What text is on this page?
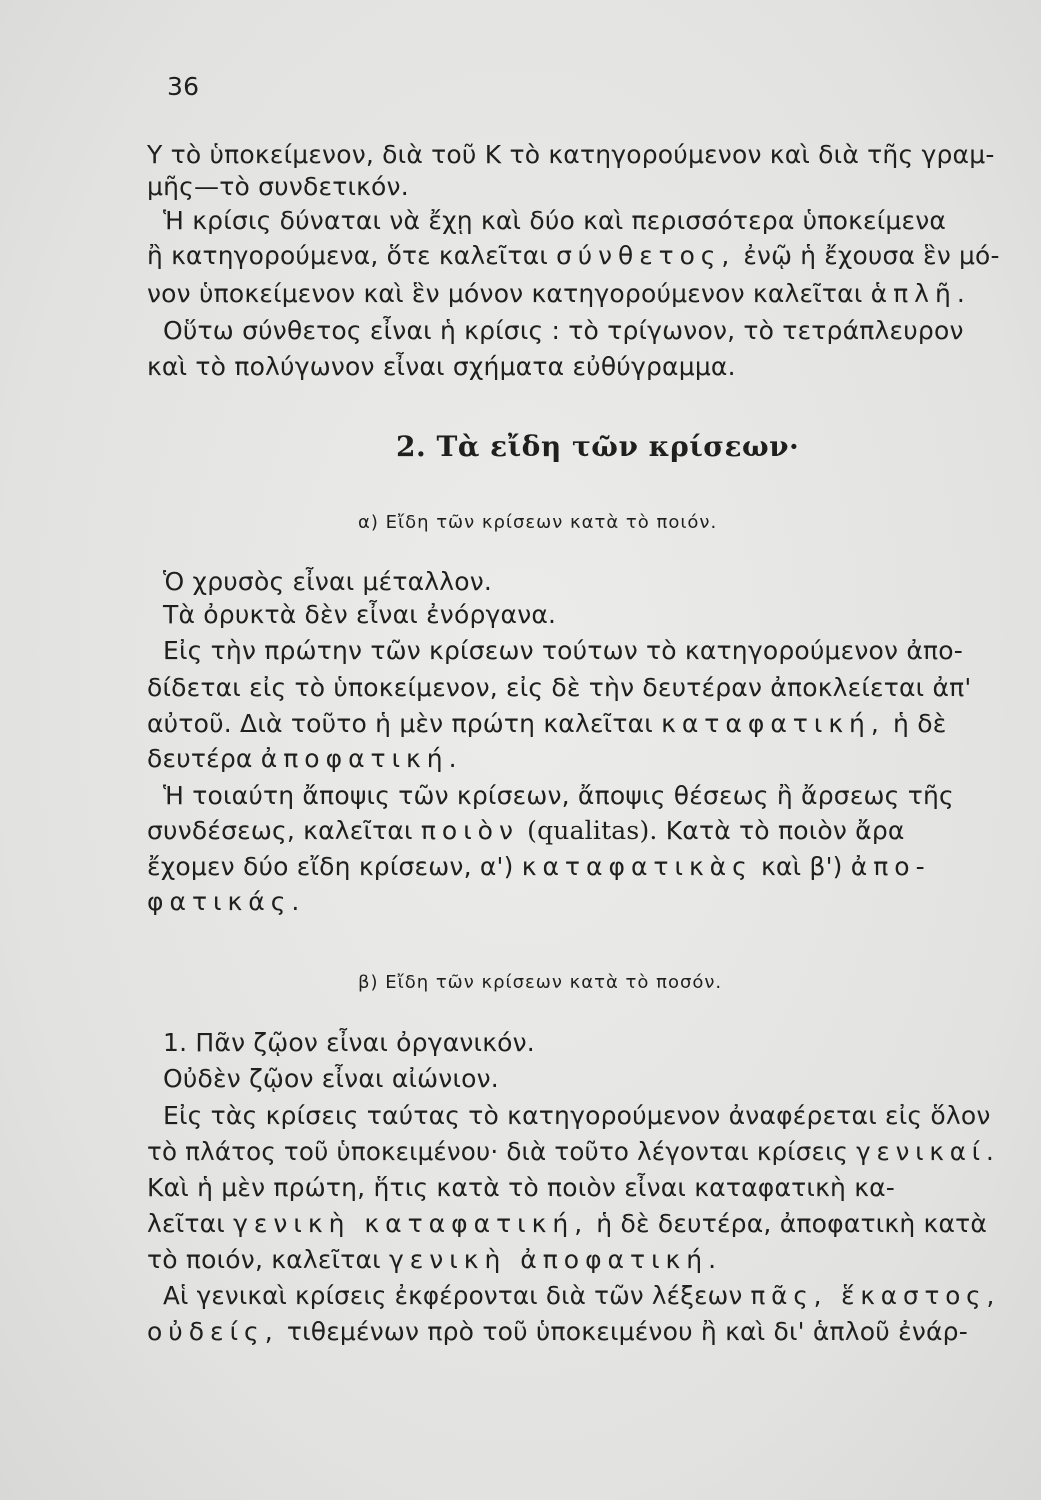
36
Υ τὸ ὑποκείμενον, διὰ τοῦ Κ τὸ κατηγορούμενον καὶ διὰ τῆς γραμ-
μῆς—τὸ συνδετικόν.
Ἡ κρίσις δύναται νὰ ἔχῃ καὶ δύο καὶ περισσότερα ὑποκείμενα
ἢ κατηγορούμενα, ὅτε καλεῖται σύνθετος, ἐνῷ ἡ ἔχουσα ἓν μό-
νον ὑποκείμενον καὶ ἓν μόνον κατηγορούμενον καλεῖται ἁπλῆ.
Οὕτω σύνθετος εἶναι ἡ κρίσις : τὸ τρίγωνον, τὸ τετράπλευρον
καὶ τὸ πολύγωνον εἶναι σχήματα εὐθύγραμμα.
2. Τὰ εἴδη τῶν κρίσεων·
α) Εἴδη τῶν κρίσεων κατὰ τὸ ποιόν.
Ὁ χρυσὸς εἶναι μέταλλον.
Τὰ ὀρυκτὰ δὲν εἶναι ἐνόργανα.
Εἰς τὴν πρώτην τῶν κρίσεων τούτων τὸ κατηγορούμενον ἀπο-
δίδεται εἰς τὸ ὑποκείμενον, εἰς δὲ τὴν δευτέραν ἀποκλείεται ἀπ'
αὐτοῦ. Διὰ τοῦτο ἡ μὲν πρώτη καλεῖται καταφατική, ἡ δὲ
δευτέρα ἀποφατική.
Ἡ τοιαύτη ἄποψις τῶν κρίσεων, ἄποψις θέσεως ἢ ἄρσεως τῆς
συνδέσεως, καλεῖται ποιὸν (qualitas). Κατὰ τὸ ποιὸν ἄρα
ἔχομεν δύο εἴδη κρίσεων, α') καταφατικὰς καὶ β') ἀπο-
φατικάς.
β) Εἴδη τῶν κρίσεων κατὰ τὸ ποσόν.
1. Πᾶν ζῷον εἶναι ὀργανικόν.
Οὐδὲν ζῷον εἶναι αἰώνιον.
Εἰς τὰς κρίσεις ταύτας τὸ κατηγορούμενον ἀναφέρεται εἰς ὅλον
τὸ πλάτος τοῦ ὑποκειμένου· διὰ τοῦτο λέγονται κρίσεις γενικαί.
Καὶ ἡ μὲν πρώτη, ἥτις κατὰ τὸ ποιὸν εἶναι καταφατικὴ κα-
λεῖται γενικὴ καταφατική, ἡ δὲ δευτέρα, ἀποφατικὴ κατὰ
τὸ ποιόν, καλεῖται γενικὴ ἀποφατική.
Αἱ γενικαὶ κρίσεις ἐκφέρονται διὰ τῶν λέξεων πᾶς, ἕκαστος,
οὐδείς, τιθεμένων πρὸ τοῦ ὑποκειμένου ἢ καὶ δι' ἁπλοῦ ἐνάρ-
